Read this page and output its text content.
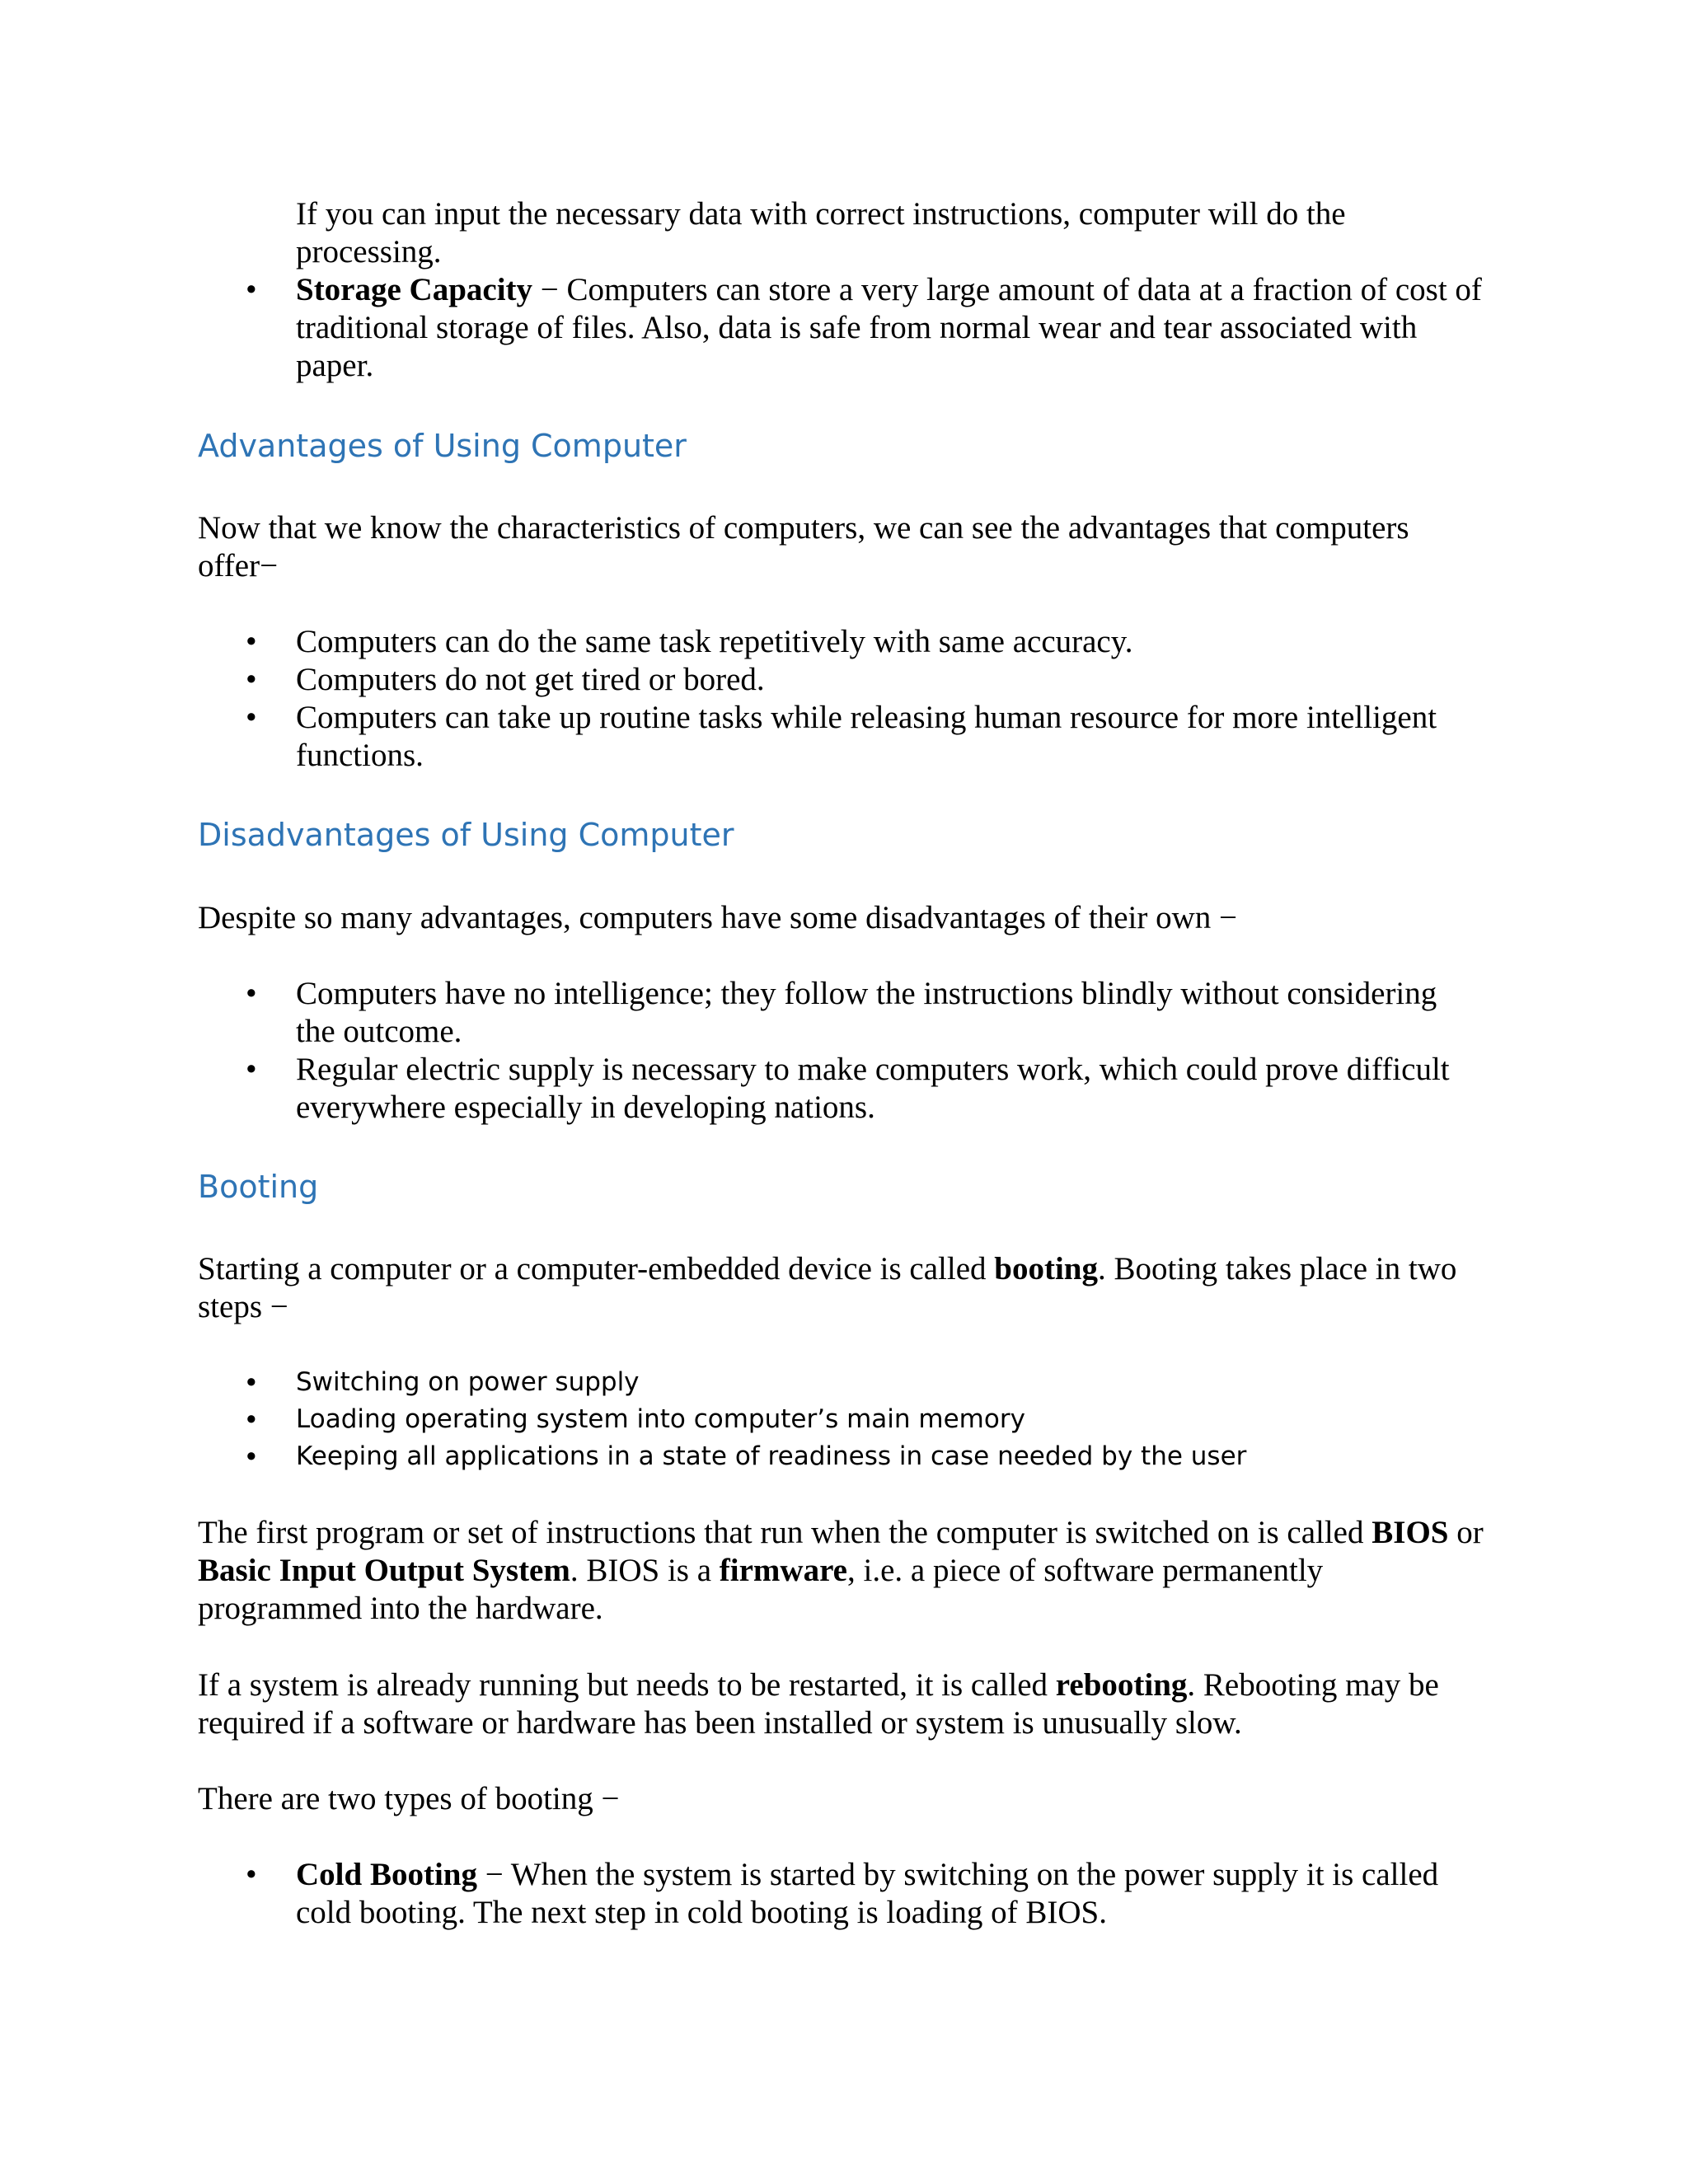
If you can input the necessary data with correct instructions, computer will do the processing.

•	Storage Capacity − Computers can store a very large amount of data at a fraction of cost of traditional storage of files. Also, data is safe from normal wear and tear associated with paper.
Advantages of Using Computer

Now that we know the characteristics of computers, we can see the advantages that computers offer−

•	Computers can do the same task repetitively with same accuracy.
•	Computers do not get tired or bored.
•	Computers can take up routine tasks while releasing human resource for more intelligent functions.
Disadvantages of Using Computer

Despite so many advantages, computers have some disadvantages of their own −

•	Computers have no intelligence; they follow the instructions blindly without considering the outcome.
•	Regular electric supply is necessary to make computers work, which could prove difficult everywhere especially in developing nations.
Booting

Starting a computer or a computer-embedded device is called booting. Booting takes place in two steps −

•	Switching on power supply
•	Loading operating system into computer’s main memory
•	Keeping all applications in a state of readiness in case needed by the user

The first program or set of instructions that run when the computer is switched on is called BIOS or Basic Input Output System. BIOS is a firmware, i.e. a piece of software permanently programmed into the hardware.

If a system is already running but needs to be restarted, it is called rebooting. Rebooting may be required if a software or hardware has been installed or system is unusually slow.

There are two types of booting −

•	Cold Booting − When the system is started by switching on the power supply it is called cold booting. The next step in cold booting is loading of BIOS.
